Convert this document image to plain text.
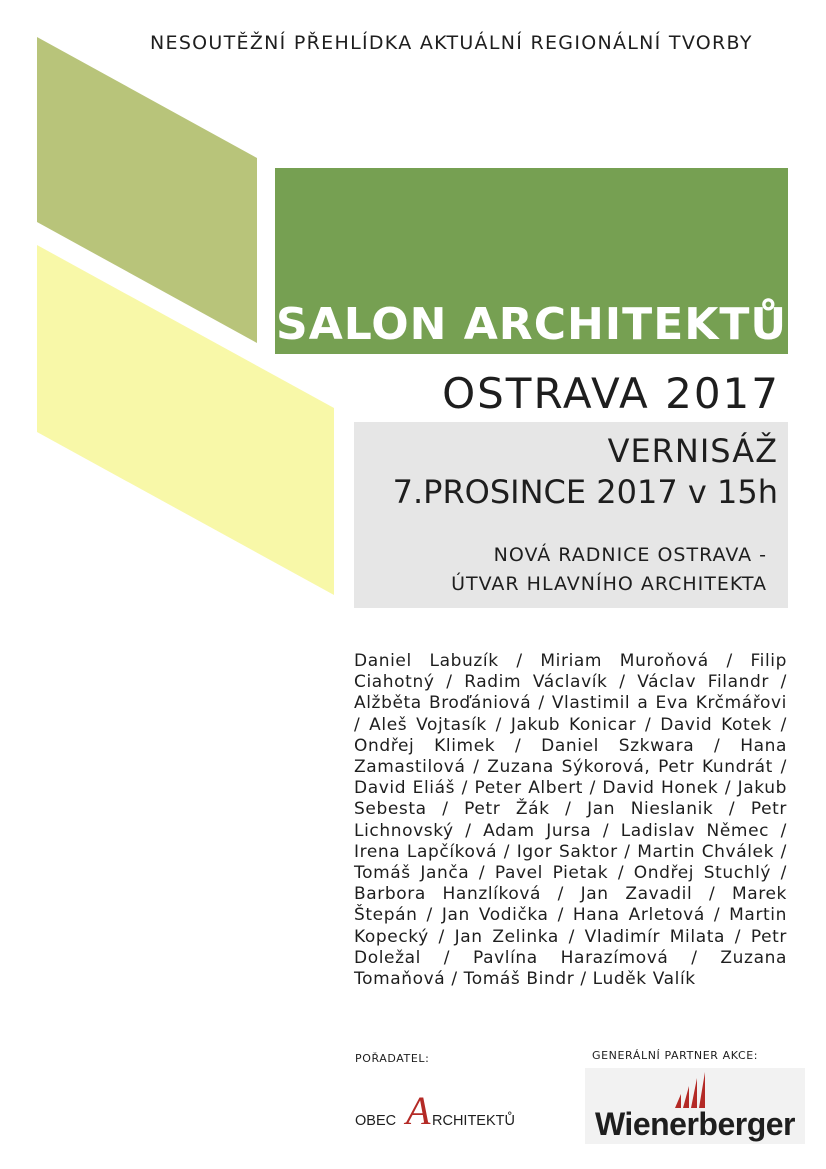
NESOUTĚŽNÍ PŘEHLÍDKA AKTUÁLNÍ REGIONÁLNÍ TVORBY
SALON ARCHITEKTŮ
OSTRAVA 2017
VERNISÁŽ
7.PROSINCE 2017 v 15h
NOVÁ RADNICE OSTRAVA -
ÚTVAR HLAVNÍHO ARCHITEKTA
Daniel Labuzík / Miriam Muroňová / Filip Ciahotný / Radim Václavík / Václav Filandr / Alžběta Broďániová / Vlastimil a Eva Krčmářovi / Aleš Vojtasík / Jakub Konicar / David Kotek / Ondřej Klimek / Daniel Szkwara / Hana Zamastilová / Zuzana Sýkorová, Petr Kundrát / David Eliáš / Peter Albert / David Honek / Jakub Sebesta / Petr Žák / Jan Nieslanik / Petr Lichnovský / Adam Jursa / Ladislav Němec / Irena Lapčíková / Igor Saktor / Martin Chválek / Tomáš Janča / Pavel Pietak / Ondřej Stuchlý / Barbora Hanzlíková / Jan Zavadil / Marek Štepán / Jan Vodička / Hana Arletová / Martin Kopecký / Jan Zelinka / Vladimír Milata / Petr Doležal / Pavlína Harazímová / Zuzana Tomaňová / Tomáš Bindr / Luděk Valík
POŘADATEL:	GENERÁLNÍ PARTNER AKCE:
OBEC A RCHITEKTŮ	Wienerberger
